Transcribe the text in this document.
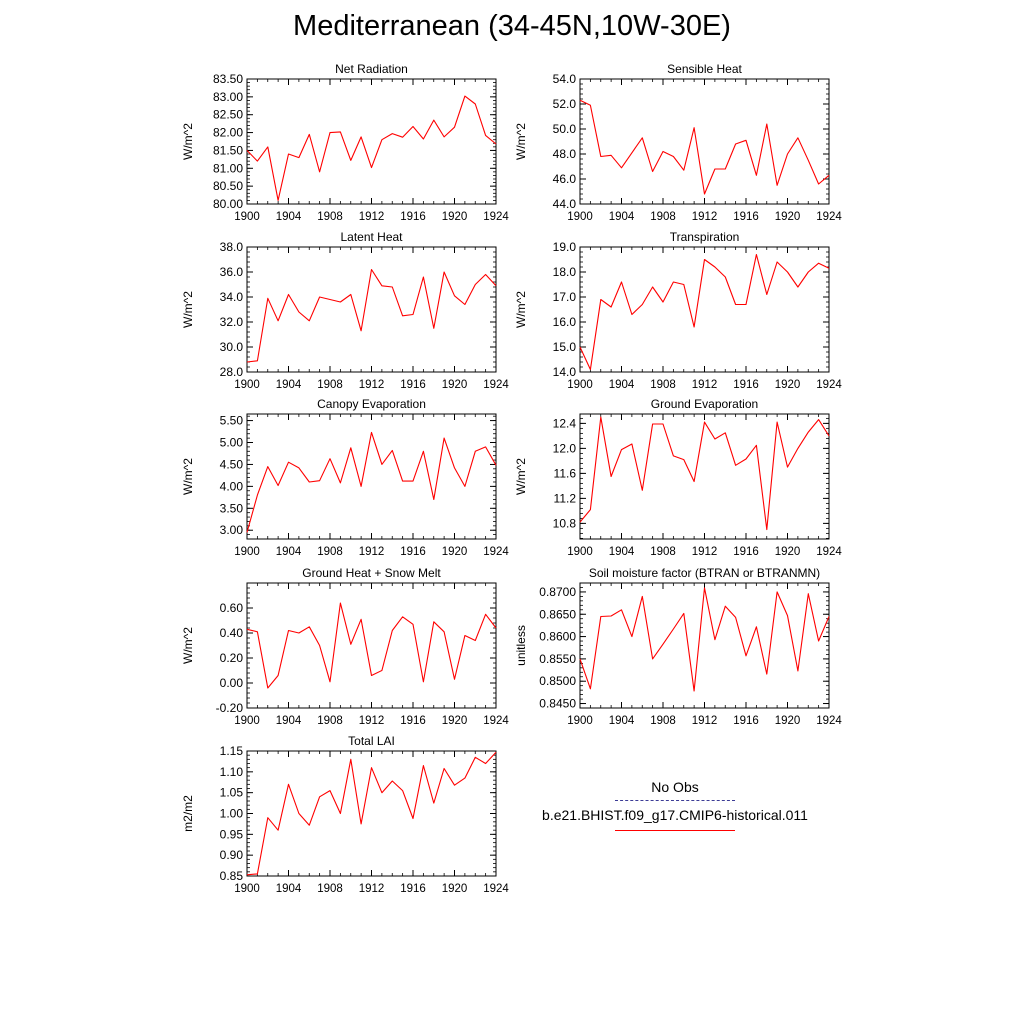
Mediterranean (34-45N,10W-30E)
1900 1904 1908 1912 1916 1920 1924
80.00
80.50
81.00
81.50
82.00
82.50
83.00
83.50
Net Radiation
W/m^2
1900 1904 1908 1912 1916 1920 1924
44.0
46.0
48.0
50.0
52.0
54.0
Sensible Heat
W/m^2
1900 1904 1908 1912 1916 1920 1924
28.0
30.0
32.0
34.0
36.0
38.0
Latent Heat
W/m^2
1900 1904 1908 1912 1916 1920 1924
14.0
15.0
16.0
17.0
18.0
19.0
Transpiration
W/m^2
1900 1904 1908 1912 1916 1920 1924
3.00
3.50
4.00
4.50
5.00
5.50
Canopy Evaporation
W/m^2
1900 1904 1908 1912 1916 1920 1924
10.8
11.2
11.6
12.0
12.4
Ground Evaporation
W/m^2
1900 1904 1908 1912 1916 1920 1924
-0.20
0.00
0.20
0.40
0.60
Ground Heat + Snow Melt
W/m^2
1900 1904 1908 1912 1916 1920 1924
0.8450
0.8500
0.8550
0.8600
0.8650
0.8700
Soil moisture factor (BTRAN or BTRANMN)
unitless
1900 1904 1908 1912 1916 1920 1924
0.85
0.90
0.95
1.00
1.05
1.10
1.15
Total LAI
m2/m2
No Obs
b.e21.BHIST.f09_g17.CMIP6-historical.011
